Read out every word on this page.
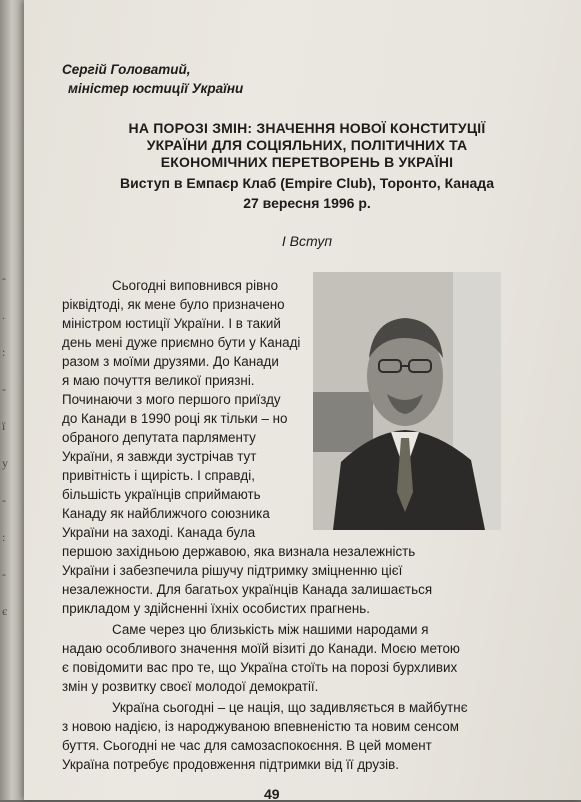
‐
.
:
‐
ї
у
‐
:
‐
є
Сергій Головатий,
міністер юстиції України
НА ПОРОЗІ ЗМІН: ЗНАЧЕННЯ НОВОЇ КОНСТИТУЦІЇ
УКРАЇНИ ДЛЯ СОЦІЯЛЬНИХ, ПОЛІТИЧНИХ ТА
ЕКОНОМІЧНИХ ПЕРЕТВОРЕНЬ В УКРАЇНІ
Виступ в Емпаєр Клаб (Empire Club), Торонто, Канада
27 вересня 1996 р.
І Вступ
Сьогодні виповнився рівно
ріквідтоді, як мене було призначено
міністром юстиції України. І в такий
день мені дуже приємно бути у Канаді
разом з моїми друзями. До Канади
я маю почуття великої приязні.
Починаючи з мого першого приїзду
до Канади в 1990 році як тільки – но
обраного депутата парляменту
України, я завжди зустрічав тут
привітність і щирість. І справді,
більшість українців сприймають
Канаду як найближчого союзника
України на заході. Канада була
першою західньою державою, яка визнала незалежність
України і забезпечила рішучу підтримку зміцненню цієї
незалежности. Для багатьох українців Канада залишається
прикладом у здійсненні їхніх особистих прагнень.
Саме через цю близькість між нашими народами я
надаю особливого значення моїй візиті до Канади. Моєю метою
є повідомити вас про те, що Україна стоїть на порозі бурхливих
змін у розвитку своєї молодої демократії.
Україна сьогодні – це нація, що задивляється в майбутнє
з новою надією, із народжуваною впевненістю та новим сенсом
буття. Сьогодні не час для самозаспокоєння. В цей момент
Україна потребує продовження підтримки від її друзів.
49
